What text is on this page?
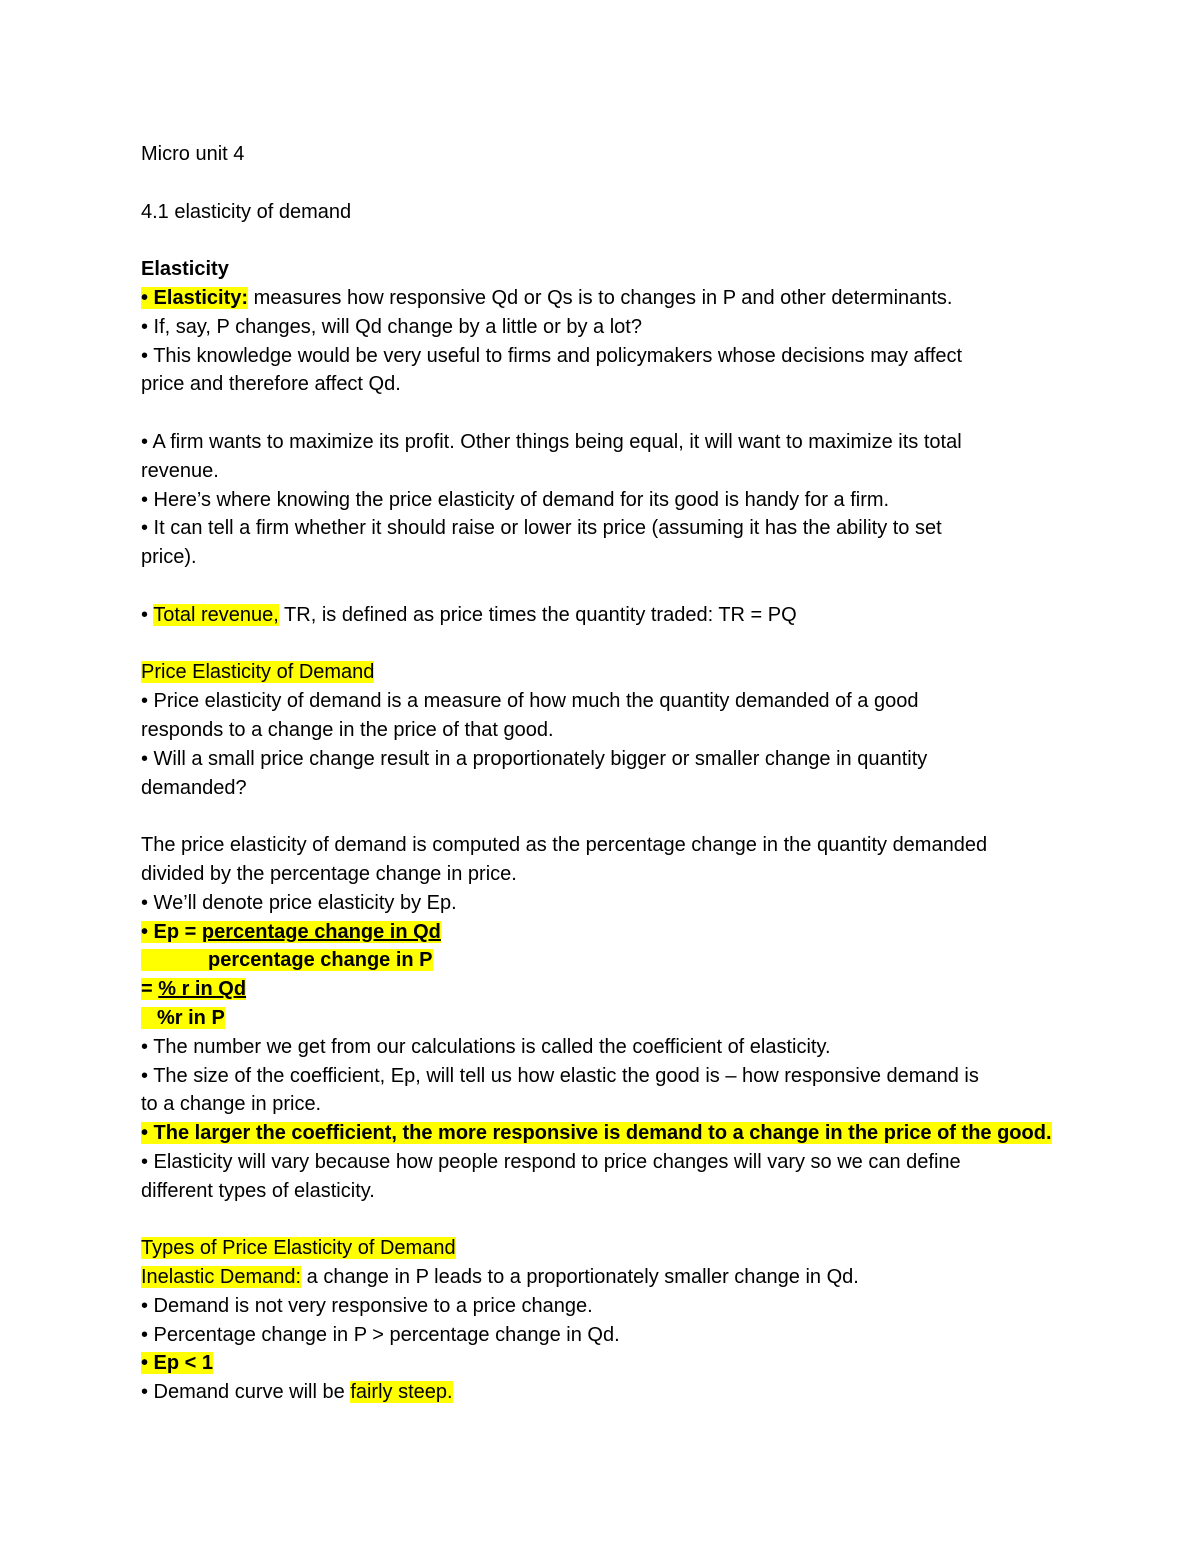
Micro unit 4
4.1 elasticity of demand
Elasticity
• Elasticity: measures how responsive Qd or Qs is to changes in P and other determinants.
• If, say, P changes, will Qd change by a little or by a lot?
• This knowledge would be very useful to firms and policymakers whose decisions may affect
price and therefore affect Qd.
• A firm wants to maximize its profit. Other things being equal, it will want to maximize its total
revenue.
• Here’s where knowing the price elasticity of demand for its good is handy for a firm.
• It can tell a firm whether it should raise or lower its price (assuming it has the ability to set
price).
• Total revenue, TR, is defined as price times the quantity traded: TR = PQ
Price Elasticity of Demand
• Price elasticity of demand is a measure of how much the quantity demanded of a good
responds to a change in the price of that good.
• Will a small price change result in a proportionately bigger or smaller change in quantity
demanded?
The price elasticity of demand is computed as the percentage change in the quantity demanded
divided by the percentage change in price.
• We’ll denote price elasticity by Ep.
• Ep = percentage change in Qd
percentage change in P
= % r in Qd
%r in P
• The number we get from our calculations is called the coefficient of elasticity.
• The size of the coefficient, Ep, will tell us how elastic the good is – how responsive demand is
to a change in price.
• The larger the coefficient, the more responsive is demand to a change in the price of the good.
• Elasticity will vary because how people respond to price changes will vary so we can define
different types of elasticity.
Types of Price Elasticity of Demand
Inelastic Demand: a change in P leads to a proportionately smaller change in Qd.
• Demand is not very responsive to a price change.
• Percentage change in P > percentage change in Qd.
• Ep < 1
• Demand curve will be fairly steep.
